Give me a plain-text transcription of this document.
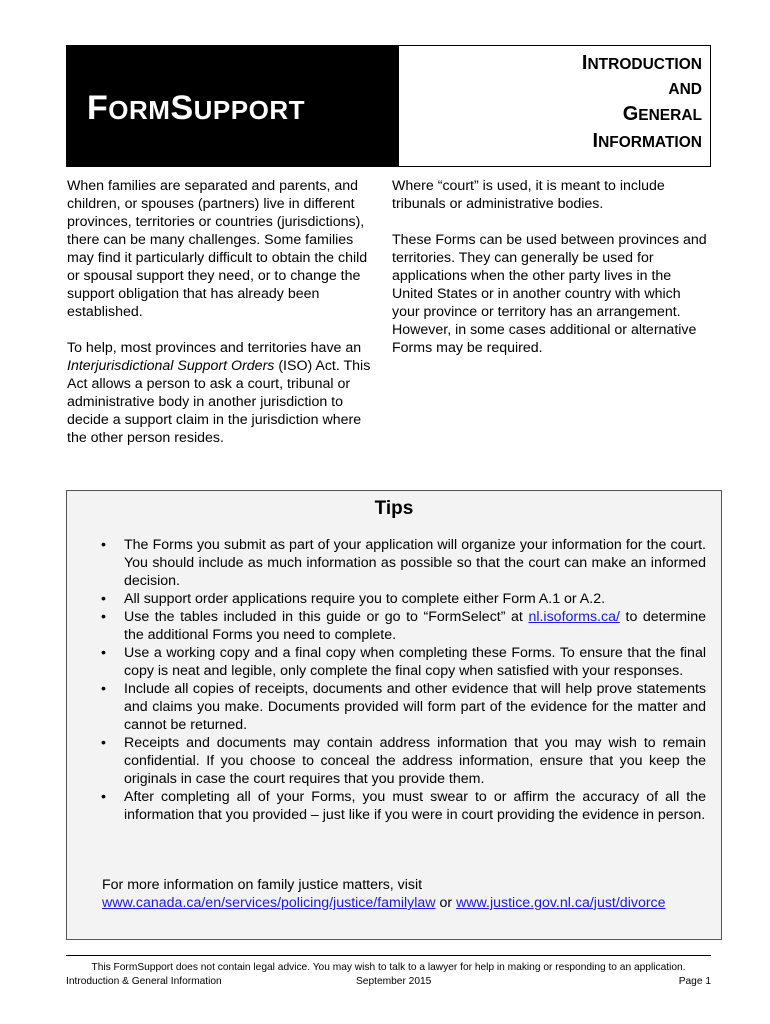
FORMSUPPORT
INTRODUCTION
AND
GENERAL
INFORMATION

When families are separated and parents, and children, or spouses (partners) live in different provinces, territories or countries (jurisdictions), there can be many challenges. Some families may find it particularly difficult to obtain the child or spousal support they need, or to change the support obligation that has already been established.

To help, most provinces and territories have an Interjurisdictional Support Orders (ISO) Act. This Act allows a person to ask a court, tribunal or administrative body in another jurisdiction to decide a support claim in the jurisdiction where the other person resides.

Where “court” is used, it is meant to include tribunals or administrative bodies.

These Forms can be used between provinces and territories. They can generally be used for applications when the other party lives in the United States or in another country with which your province or territory has an arrangement. However, in some cases additional or alternative Forms may be required.

Tips
• The Forms you submit as part of your application will organize your information for the court. You should include as much information as possible so that the court can make an informed decision.
• All support order applications require you to complete either Form A.1 or A.2.
• Use the tables included in this guide or go to “FormSelect” at nl.isoforms.ca/ to determine the additional Forms you need to complete.
• Use a working copy and a final copy when completing these Forms. To ensure that the final copy is neat and legible, only complete the final copy when satisfied with your responses.
• Include all copies of receipts, documents and other evidence that will help prove statements and claims you make. Documents provided will form part of the evidence for the matter and cannot be returned.
• Receipts and documents may contain address information that you may wish to remain confidential. If you choose to conceal the address information, ensure that you keep the originals in case the court requires that you provide them.
• After completing all of your Forms, you must swear to or affirm the accuracy of all the information that you provided – just like if you were in court providing the evidence in person.
For more information on family justice matters, visit
www.canada.ca/en/services/policing/justice/familylaw or www.justice.gov.nl.ca/just/divorce
This FormSupport does not contain legal advice. You may wish to talk to a lawyer for help in making or responding to an application.
Introduction & General Information	September 2015	Page 1
